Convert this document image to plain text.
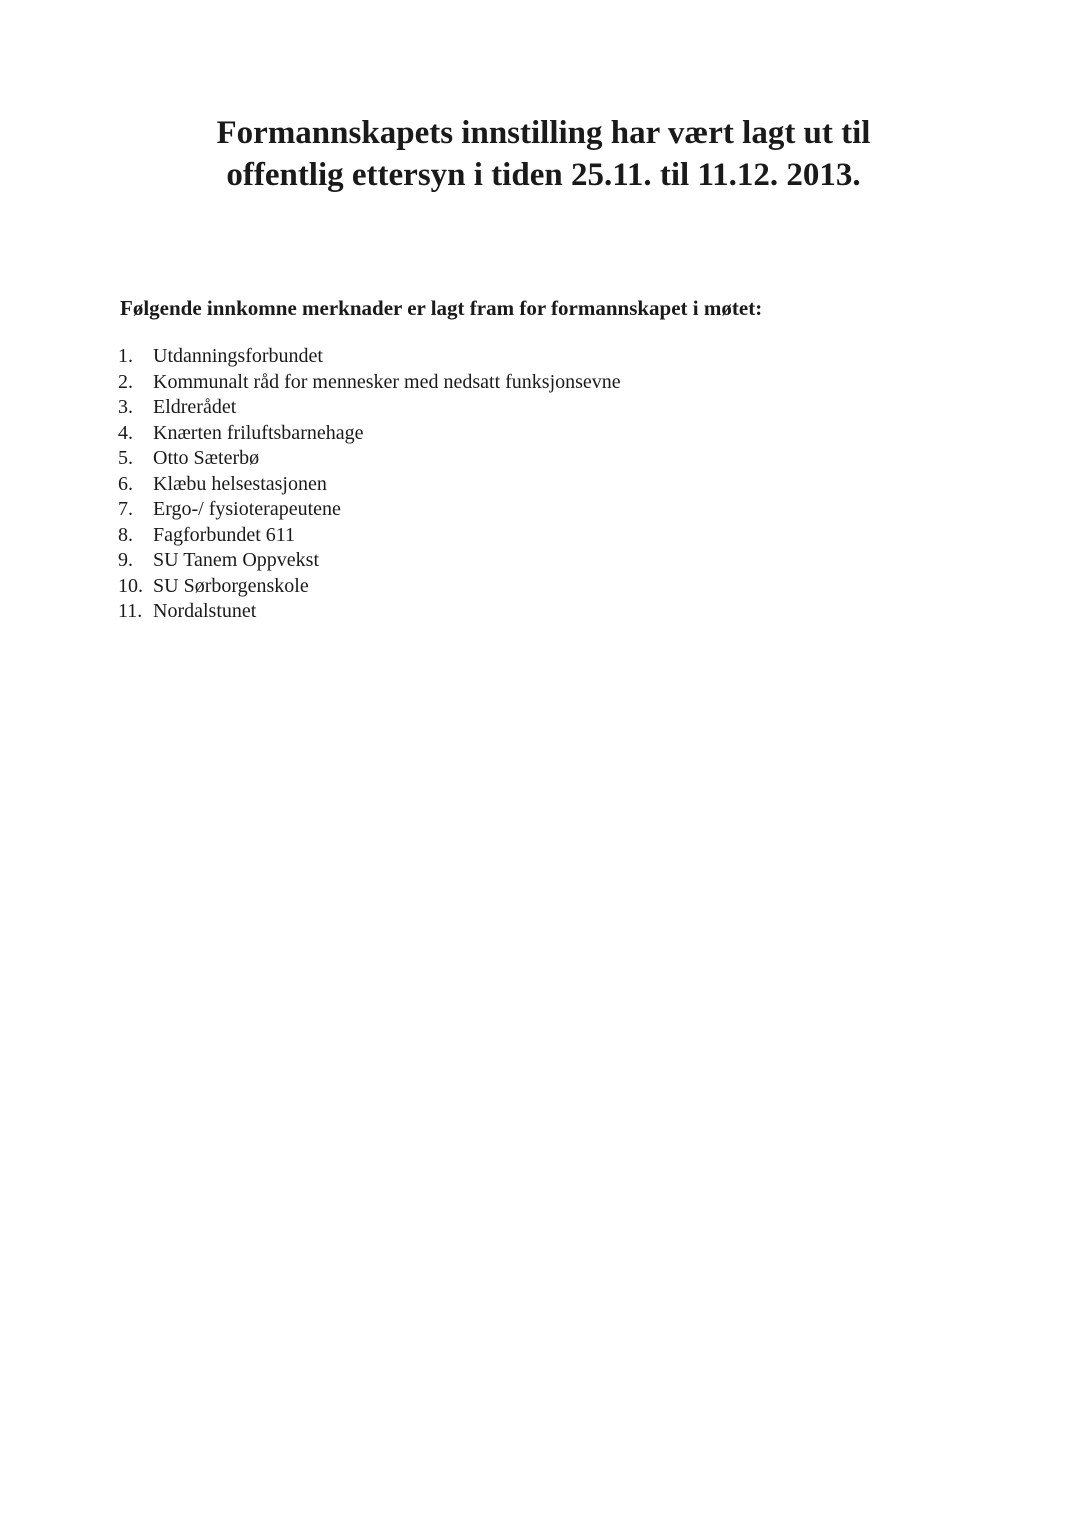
Formannskapets innstilling har vært lagt ut til
offentlig ettersyn i tiden 25.11. til 11.12. 2013.

Følgende innkomne merknader er lagt fram for formannskapet i møtet:

1.	Utdanningsforbundet
2.	Kommunalt råd for mennesker med nedsatt funksjonsevne
3.	Eldrerådet
4.	Knærten friluftsbarnehage
5.	Otto Sæterbø
6.	Klæbu helsestasjonen
7.	Ergo-/ fysioterapeutene
8.	Fagforbundet 611
9.	SU Tanem Oppvekst
10. SU Sørborgenskole
11. Nordalstunet
